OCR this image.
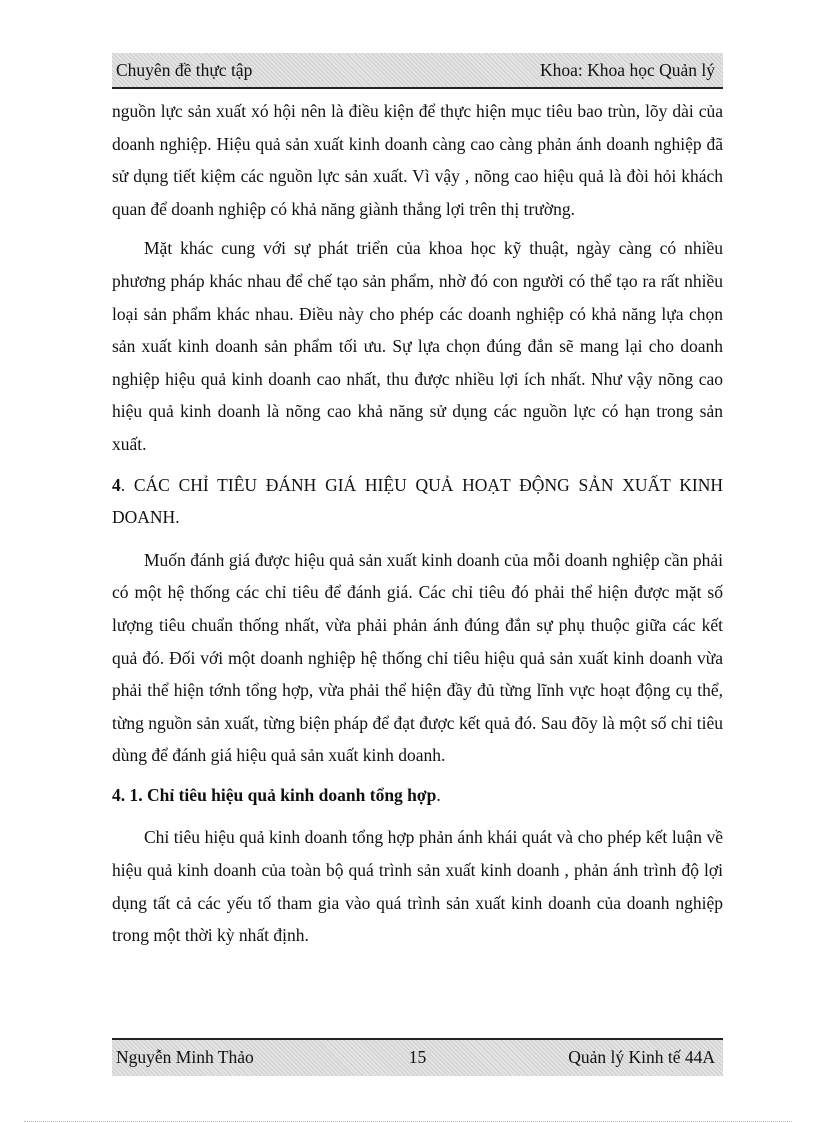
Chuyên đề thực tập	Khoa: Khoa học Quản lý

nguồn lực sản xuất xó hội nên là điều kiện để thực hiện mục tiêu bao trùn, lõy dài của doanh nghiệp. Hiệu quả sản xuất kinh doanh càng cao càng phản ánh doanh nghiệp đã sử dụng tiết kiệm các nguồn lực sản xuất. Vì vậy , nõng cao hiệu quả là đòi hỏi khách quan để doanh nghiệp có khả năng giành thắng lợi trên thị trường.

Mặt khác cung với sự phát triển của khoa học kỹ thuật, ngày càng có nhiều phương pháp khác nhau để chế tạo sản phẩm, nhờ đó con người có thể tạo ra rất nhiều loại sản phẩm khác nhau. Điều này cho phép các doanh nghiệp có khả năng lựa chọn sản xuất kinh doanh sản phẩm tối ưu. Sự lựa chọn đúng đắn sẽ mang lại cho doanh nghiệp hiệu quả kinh doanh cao nhất, thu được nhiều lợi ích nhất. Như vậy nõng cao hiệu quả kinh doanh là nõng cao khả năng sử dụng các nguồn lực có hạn trong sản xuất.

4. CÁC CHỈ TIÊU ĐÁNH GIÁ HIỆU QUẢ HOẠT ĐỘNG SẢN XUẤT KINH DOANH.

Muốn đánh giá được hiệu quả sản xuất kinh doanh của mỗi doanh nghiệp cần phải có một hệ thống các chỉ tiêu để đánh giá. Các chỉ tiêu đó phải thể hiện được mặt số lượng tiêu chuẩn thống nhất, vừa phải phản ánh đúng đắn sự phụ thuộc giữa các kết quả đó. Đối với một doanh nghiệp hệ thống chỉ tiêu hiệu quả sản xuất kinh doanh vừa phải thể hiện tớnh tổng hợp, vừa phải thể hiện đầy đủ từng lĩnh vực hoạt động cụ thể, từng nguồn sản xuất, từng biện pháp để đạt được kết quả đó. Sau đõy là một số chỉ tiêu dùng để đánh giá hiệu quả sản xuất kinh doanh.

4. 1. Chỉ tiêu hiệu quả kinh doanh tổng hợp.

Chỉ tiêu hiệu quả kinh doanh tổng hợp phản ánh khái quát và cho phép kết luận về hiệu quả kinh doanh của toàn bộ quá trình sản xuất kinh doanh , phản ánh trình độ lợi dụng tất cả các yếu tố tham gia vào quá trình sản xuất kinh doanh của doanh nghiệp trong một thời kỳ nhất định.

Nguyễn Minh Thảo	15	Quản lý Kinh tế 44A
